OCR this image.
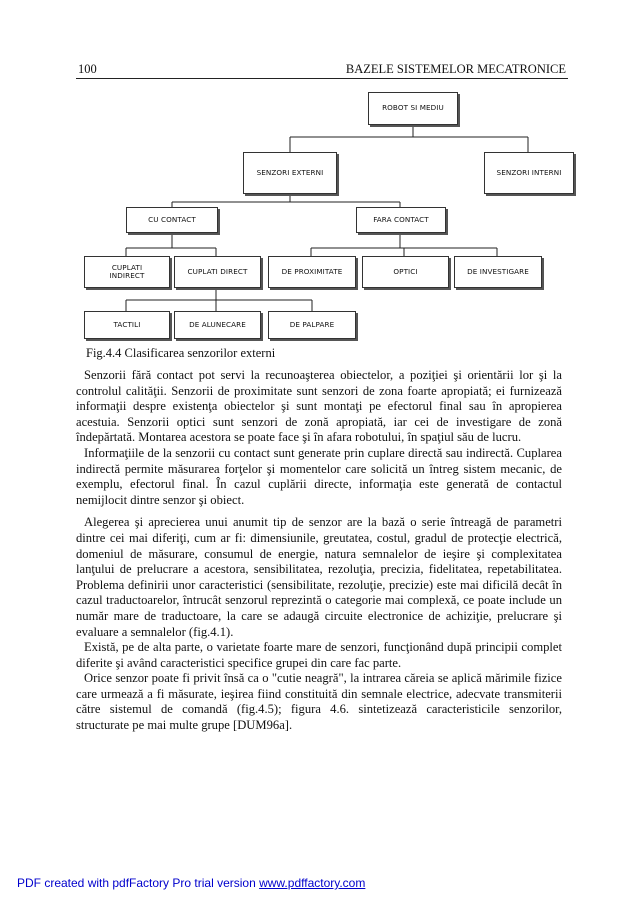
100	BAZELE SISTEMELOR MECATRONICE
ROBOT SI MEDIU
SENZORI EXTERNI	SENZORI INTERNI
CU CONTACT	FARA CONTACT
CUPLATI
INDIRECT	CUPLATI DIRECT	DE PROXIMITATE	OPTICI	DE INVESTIGARE
TACTILI	DE ALUNECARE	DE PALPARE
Fig.4.4 Clasificarea senzorilor externi

Senzorii fără contact pot servi la recunoaşterea obiectelor, a poziţiei şi orientării lor şi la controlul calităţii. Senzorii de proximitate sunt senzori de zona foarte apropiată; ei furnizează informaţii despre existenţa obiectelor şi sunt montaţi pe efectorul final sau în apropierea acestuia. Senzorii optici sunt senzori de zonă apropiată, iar cei de investigare de zonă îndepărtată. Montarea acestora se poate face şi în afara robotului, în spaţiul său de lucru.

Informaţiile de la senzorii cu contact sunt generate prin cuplare directă sau indirectă. Cuplarea indirectă permite măsurarea forţelor şi momentelor care solicită un întreg sistem mecanic, de exemplu, efectorul final. În cazul cuplării directe, informaţia este generată de contactul nemijlocit dintre senzor şi obiect.

Alegerea şi aprecierea unui anumit tip de senzor are la bază o serie întreagă de parametri dintre cei mai diferiţi, cum ar fi: dimensiunile, greutatea, costul, gradul de protecţie electrică, domeniul de măsurare, consumul de energie, natura semnalelor de ieşire şi complexitatea lanţului de prelucrare a acestora, sensibilitatea, rezoluţia, precizia, fidelitatea, repetabilitatea. Problema definirii unor caracteristici (sensibilitate, rezoluţie, precizie) este mai dificilă decât în cazul traductoarelor, întrucât senzorul reprezintă o categorie mai complexă, ce poate include un număr mare de traductoare, la care se adaugă circuite electronice de achiziţie, prelucrare şi evaluare a semnalelor (fig.4.1).

Există, pe de alta parte, o varietate foarte mare de senzori, funcţionând după principii complet diferite şi având caracteristici specifice grupei din care fac parte.

Orice senzor poate fi privit însă ca o "cutie neagră", la intrarea căreia se aplică mărimile fizice care urmează a fi măsurate, ieşirea fiind constituită din semnale electrice, adecvate transmiterii către sistemul de comandă (fig.4.5); figura 4.6. sintetizează caracteristicile senzorilor, structurate pe mai multe grupe [DUM96a].

PDF created with pdfFactory Pro trial version www.pdffactory.com
